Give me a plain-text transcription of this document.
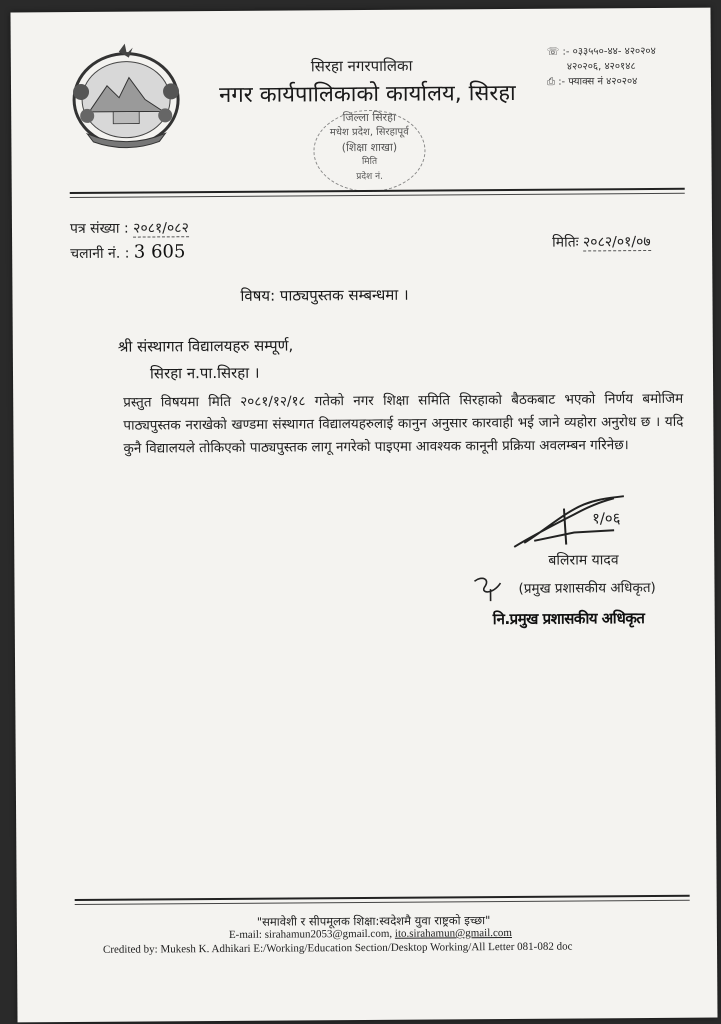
सिरहा नगरपालिका
नगर कार्यपालिकाको कार्यालय, सिरहा
☏ :- ०३३५५०-४४- ४२०२०४
४२०२०६, ४२०१४८
⎙ :- फ्याक्स नं ४२०२०४
जिल्ला सिरहा
मधेश प्रदेश, सिरहापूर्व
(शिक्षा शाखा)
मिति
प्रदेश नं.
पत्र संख्या : २०८१/०८२
चलानी नं. : 3 605	मितिः २०८२/०१/०७
विषय: पाठ्यपुस्तक सम्बन्धमा ।
श्री संस्थागत विद्यालयहरु सम्पूर्ण,
सिरहा न.पा.सिरहा ।
प्रस्तुत विषयमा मिति २०८१/१२/१८ गतेको नगर शिक्षा समिति सिरहाको बैठकबाट भएको निर्णय बमोजिम पाठ्यपुस्तक नराखेको खण्डमा संस्थागत विद्यालयहरुलाई कानुन अनुसार कारवाही भई जाने व्यहोरा अनुरोध छ । यदि कुनै विद्यालयले तोकिएको पाठ्यपुस्तक लागू नगरेको पाइएमा आवश्यक कानूनी प्रक्रिया अवलम्बन गरिनेछ।
१/०६
बलिराम यादव
(प्रमुख प्रशासकीय अधिकृत)
नि.प्रमुख प्रशासकीय अधिकृत
"समावेशी र सीपमूलक शिक्षा:स्वदेशमै युवा राष्ट्रको इच्छा"
E-mail: sirahamun2053@gmail.com, ito.sirahamun@gmail.com
Credited by: Mukesh K. Adhikari E:/Working/Education Section/Desktop Working/All Letter 081-082 doc
